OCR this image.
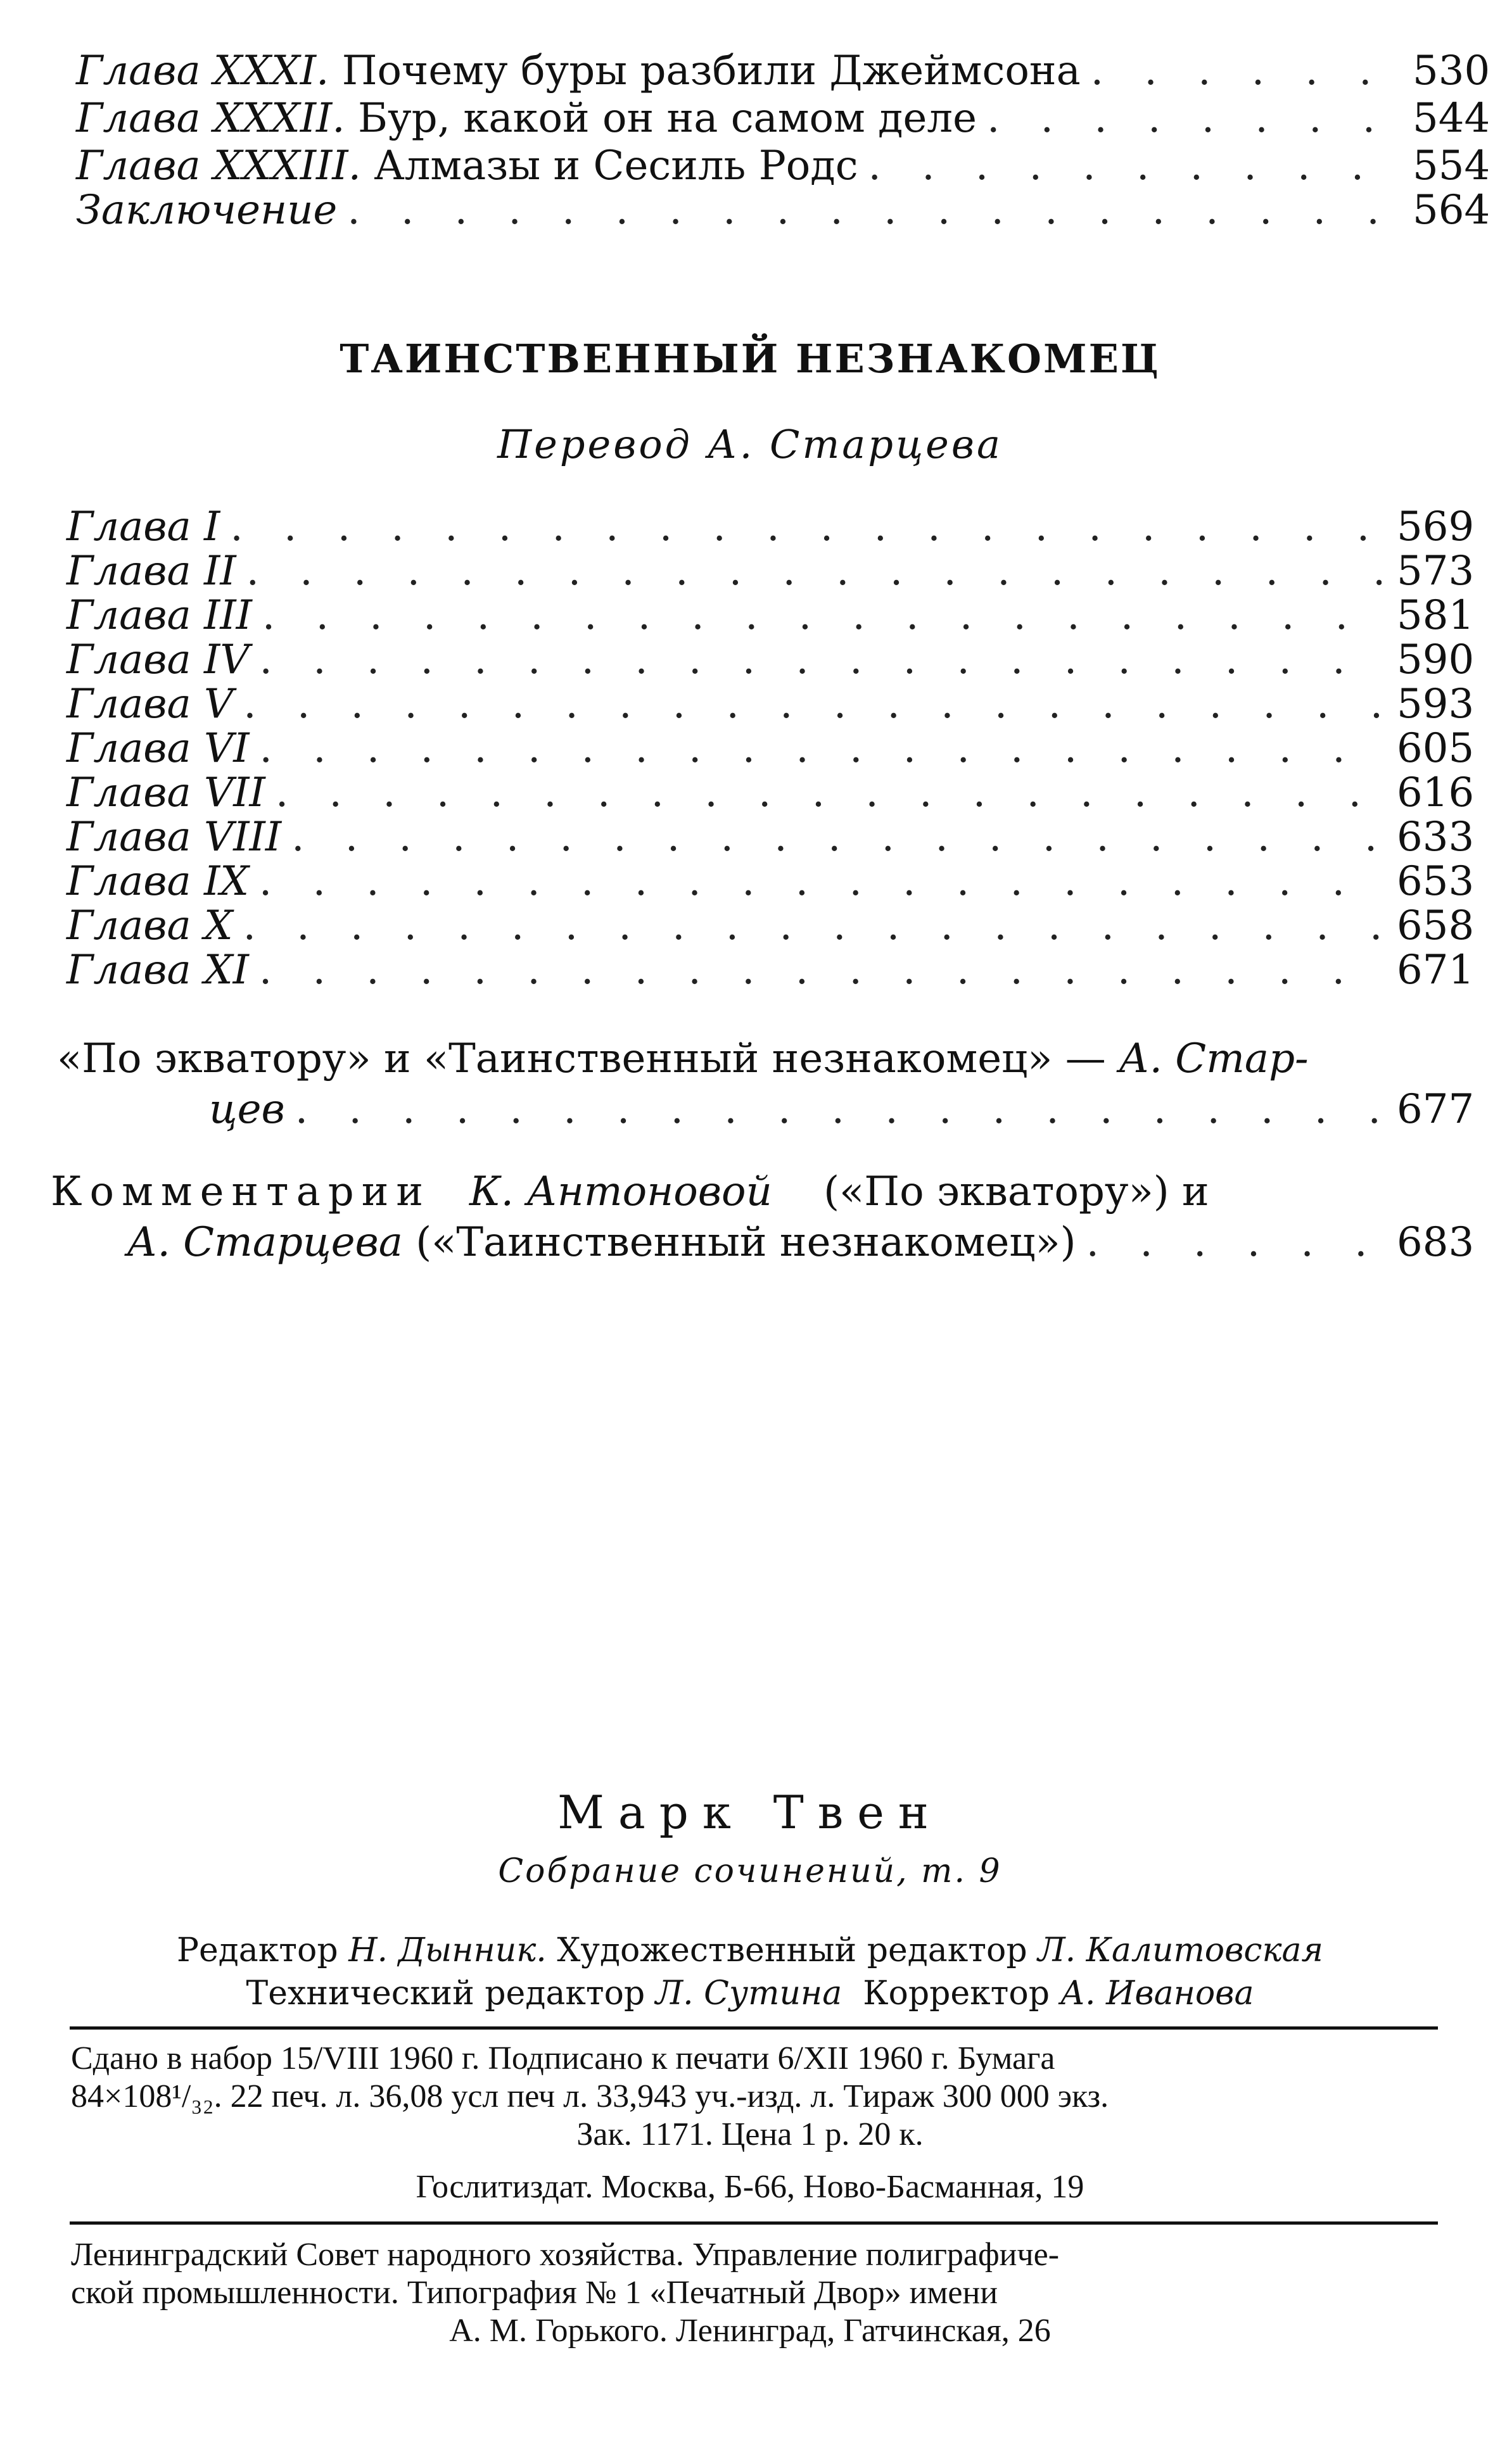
Глава XXXI. Почему буры разбили Джеймсона . . .	530
Глава XXXII. Бур, какой он на самом деле . . .	544
Глава XXXIII. Алмазы и Сесиль Родс . . .	554
Заключение . . .	564
ТАИНСТВЕННЫЙ НЕЗНАКОМЕЦ
Перевод А. Старцева
Глава I . . .	569
Глава II . . .	573
Глава III . . .	581
Глава IV . . .	590
Глава V . . .	593
Глава VI . . .	605
Глава VII . . .	616
Глава VIII . . .	633
Глава IX . . .	653
Глава X . . .	658
Глава XI . . .	671
«По экватору» и «Таинственный незнакомец» — А. Стар-
цев . . .	677
Комментарии К. Антоновой («По экватору») и
А. Старцева («Таинственный незнакомец») . . .	683
Марк Твен
Собрание сочинений, т. 9
Редактор Н. Дынник. Художественный редактор Л. Калитовская
Технический редактор Л. Сутина Корректор А. Иванова
Сдано в набор 15/VIII 1960 г. Подписано к печати 6/XII 1960 г. Бумага
84×108¹/₃₂. 22 печ. л. 36,08 усл печ л. 33,943 уч.-изд. л. Тираж 300 000 экз.
Зак. 1171. Цена 1 р. 20 к.
Гослитиздат. Москва, Б-66, Ново-Басманная, 19
Ленинградский Совет народного хозяйства. Управление полиграфиче-
ской промышленности. Типография № 1 «Печатный Двор» имени
А. М. Горького. Ленинград, Гатчинская, 26
